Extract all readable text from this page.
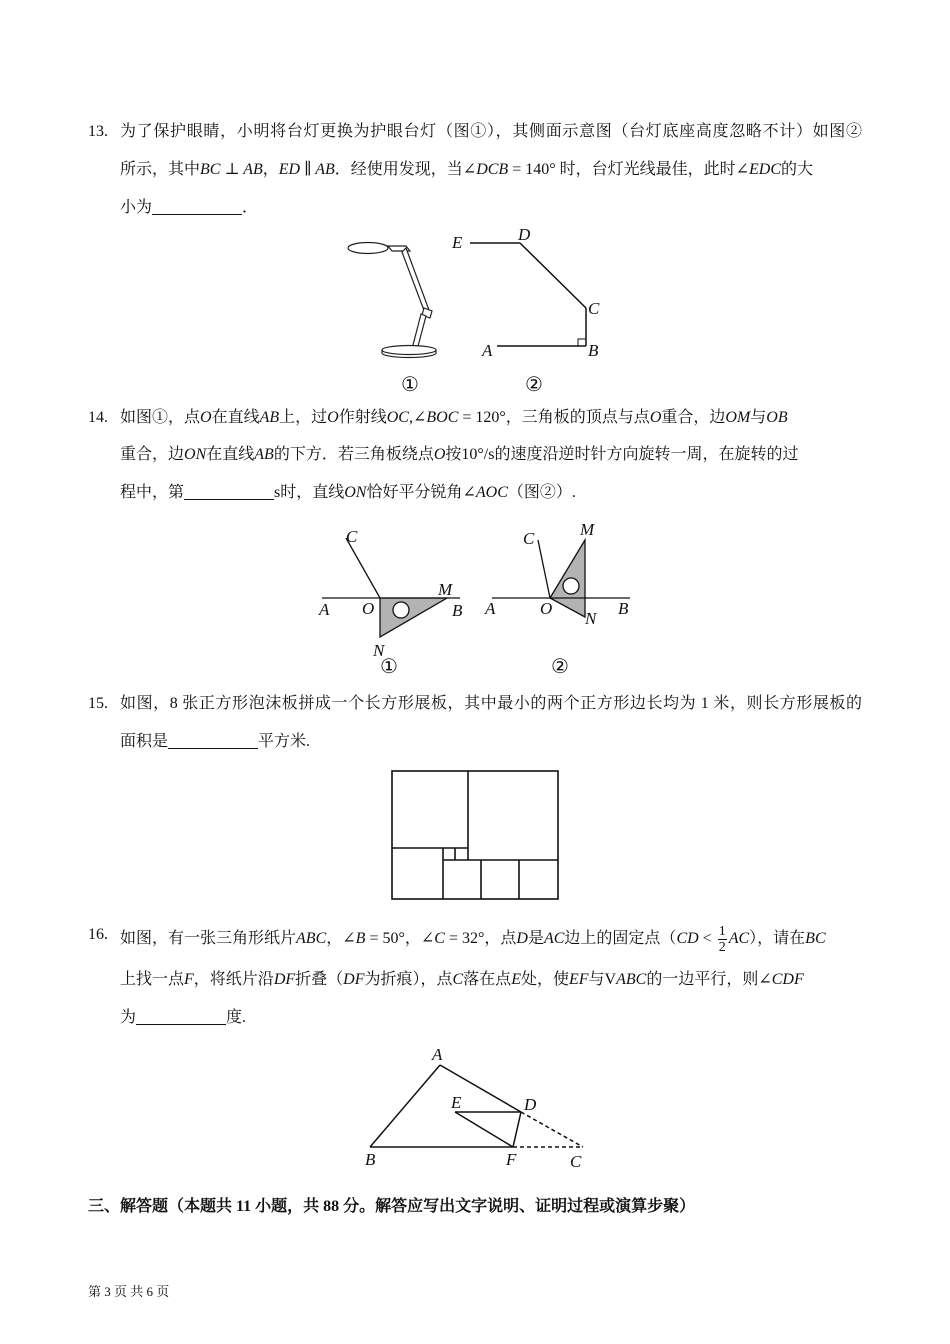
13. 为了保护眼睛，小明将台灯更换为护眼台灯（图①），其侧面示意图（台灯底座高度忽略不计）如图②
所示，其中BC ⊥ AB，ED ∥ AB．经使用发现，当∠DCB = 140° 时，台灯光线最佳，此时∠EDC的大
小为	．
14. 如图①，点O在直线AB上，过O作射线OC,∠BOC = 120°，三角板的顶点与点O重合，边OM与OB
重合，边ON在直线AB的下方．若三角板绕点O按10°/s的速度沿逆时针方向旋转一周，在旋转的过
程中，第	s时，直线ON恰好平分锐角∠AOC（图②）.
15. 如图，8 张正方形泡沫板拼成一个长方形展板，其中最小的两个正方形边长均为 1 米，则长方形展板的
面积是	平方米.
16. 如图，有一张三角形纸片ABC，∠B = 50°，∠C = 32°，点D是AC边上的固定点$(CD < \frac{1}{2} AC)$，请在BC
上找一点F，将纸片沿DF折叠（DF为折痕），点C落在点E处，使EF与VABC的一边平行，则∠CDF
为	度.
三、解答题（本题共 11 小题，共 88 分。解答应写出文字说明、证明过程或演算步聚）
第 3 页 共 6 页
E	D
C
A	B
①	②
C
M
A O	B
N
①
C	M
A	O
N
B
②
A
E	D
B	F	C
